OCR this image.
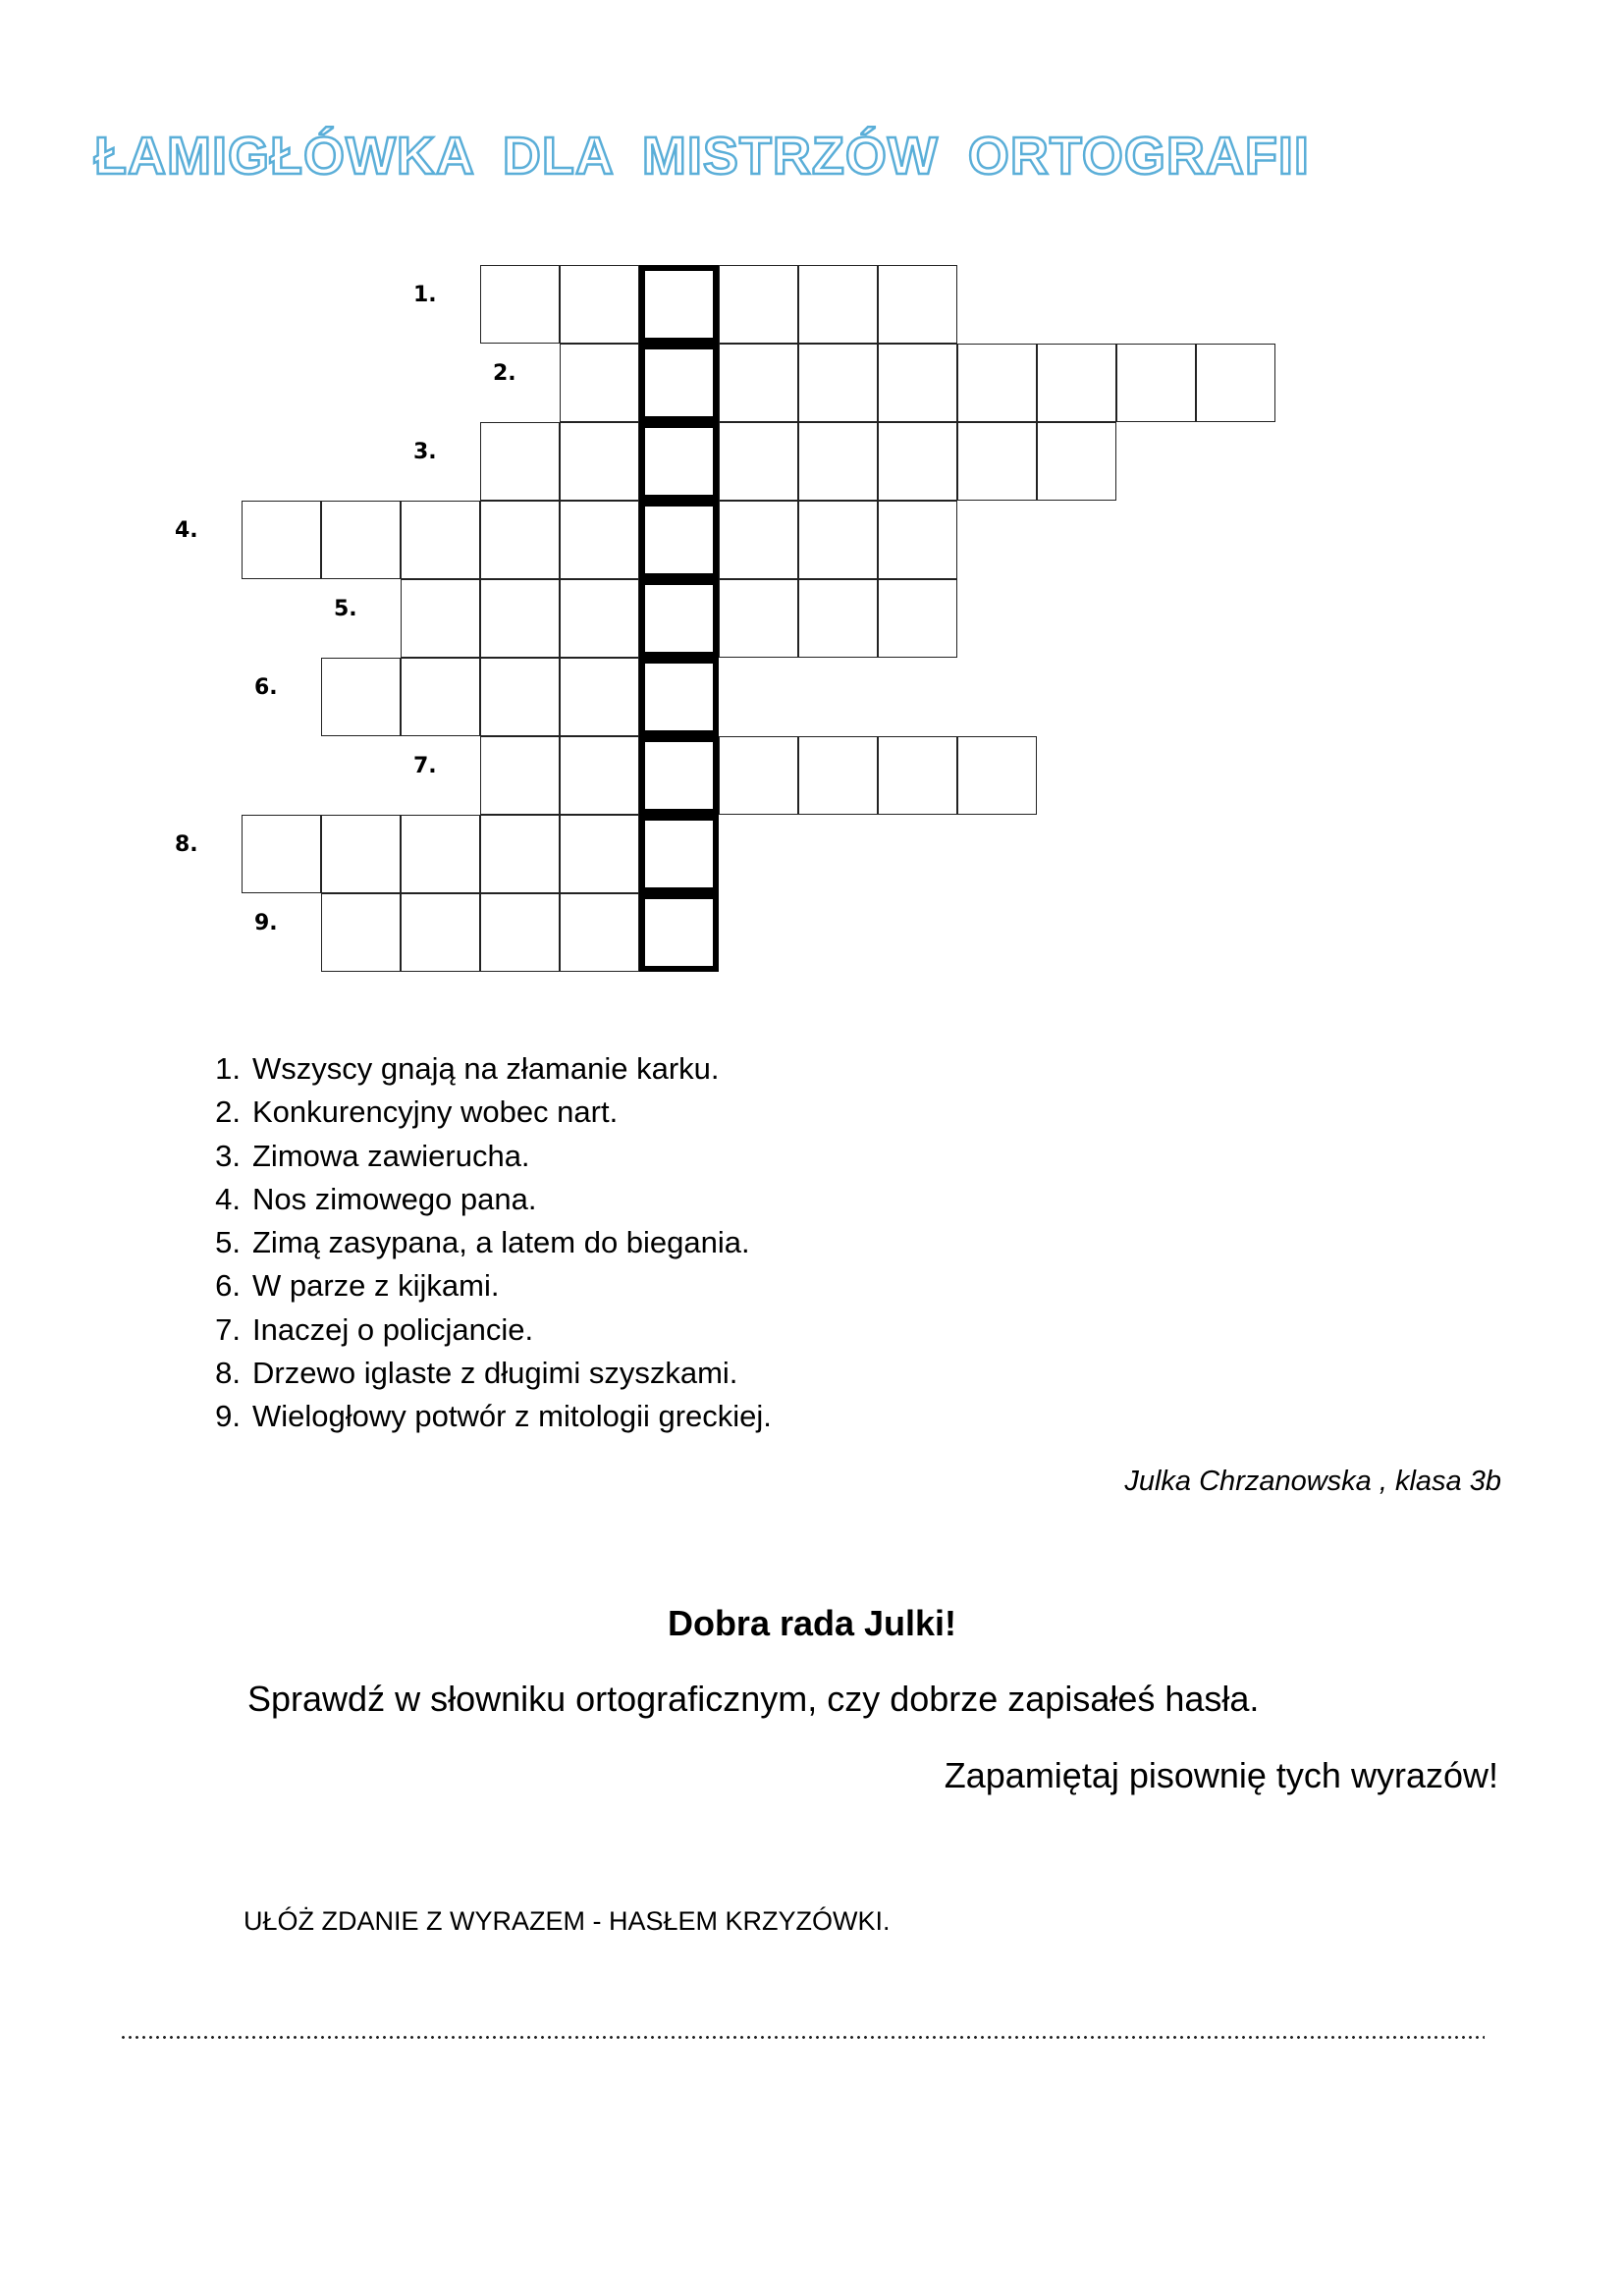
ŁAMIGŁÓWKA DLA MISTRZÓW ORTOGRAFII
1.
2.
3.
4.
5.
6.
7.
8.
9.
1. Wszyscy gnają na złamanie karku.
2. Konkurencyjny wobec nart.
3. Zimowa zawierucha.
4. Nos zimowego pana.
5. Zimą zasypana, a latem do biegania.
6. W parze z kijkami.
7. Inaczej o policjancie.
8. Drzewo iglaste z długimi szyszkami.
9. Wielogłowy potwór z mitologii greckiej.
Julka Chrzanowska , klasa 3b
Dobra rada Julki!
Sprawdź w słowniku ortograficznym, czy dobrze zapisałeś hasła.
Zapamiętaj pisownię tych wyrazów!
UŁÓŻ ZDANIE Z WYRAZEM - HASŁEM KRZYZÓWKI.
